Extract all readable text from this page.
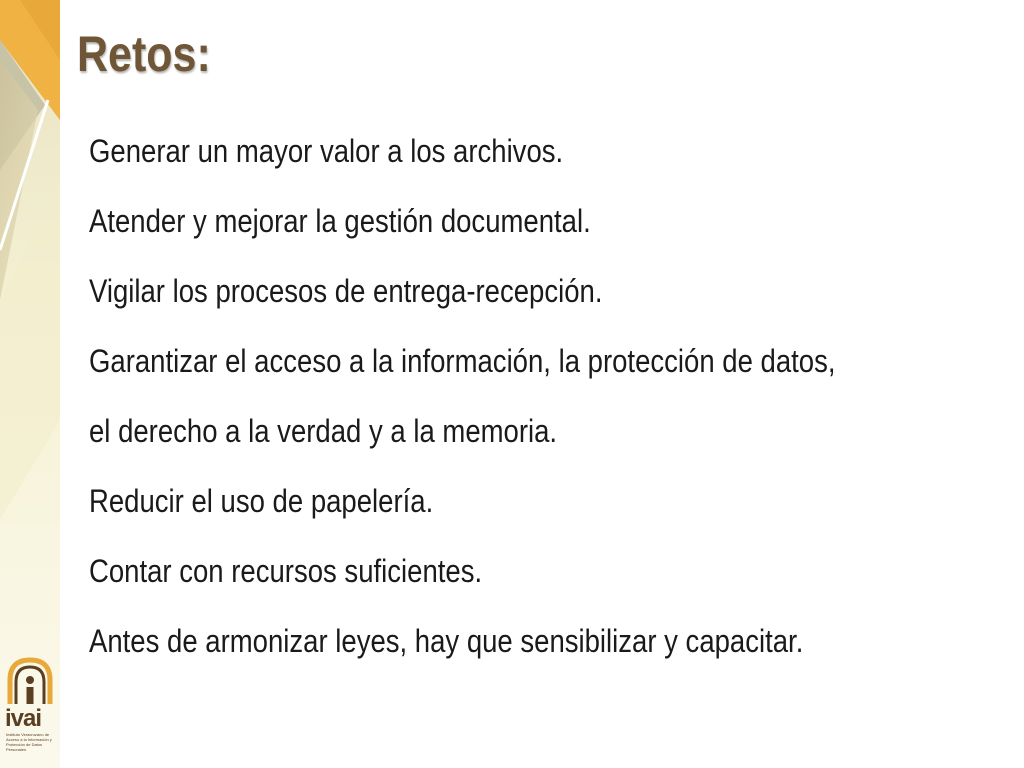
Retos:
Generar un mayor valor a los archivos.
Atender y mejorar la gestión documental.
Vigilar los procesos de entrega-recepción.
Garantizar el acceso a la información, la protección de datos,
el derecho a la verdad y a la memoria.
Reducir el uso de papelería.
Contar con recursos suficientes.
Antes de armonizar leyes, hay que sensibilizar y capacitar.
ivai
Instituto Veracruzano de Acceso a la Información y Protección de Datos Personales
